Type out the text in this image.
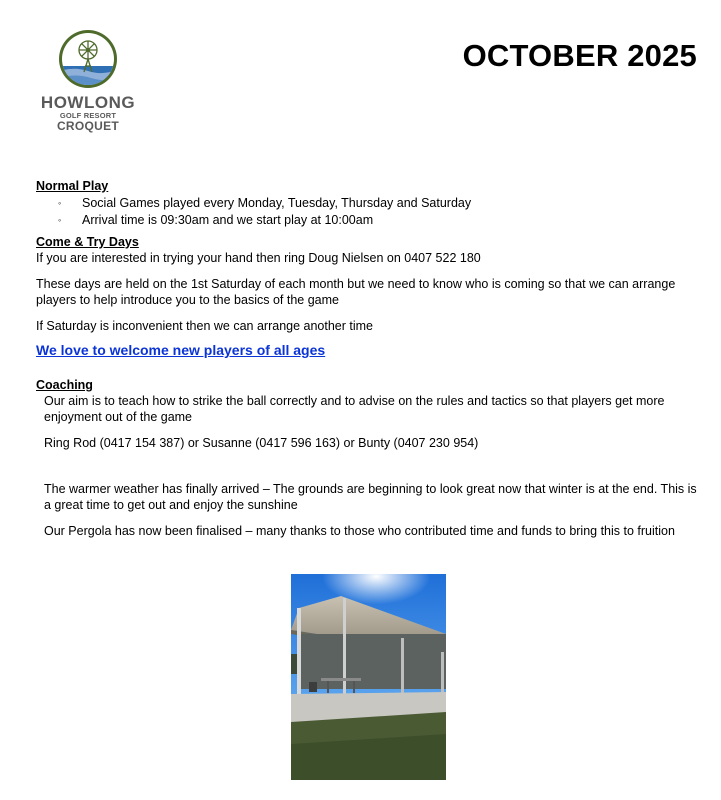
HOWLONG
GOLF RESORT
CROQUET
OCTOBER 2025

Normal Play

◦ Social Games played every Monday, Tuesday, Thursday and Saturday
◦ Arrival time is 09:30am and we start play at 10:00am

Come & Try Days

If you are interested in trying your hand then ring Doug Nielsen on 0407 522 180

These days are held on the 1st Saturday of each month but we need to know who is coming so that we can arrange players to help introduce you to the basics of the game

If Saturday is inconvenient then we can arrange another time

We love to welcome new players of all ages

Coaching

Our aim is to teach how to strike the ball correctly and to advise on the rules and tactics so that players get more enjoyment out of the game

Ring Rod (0417 154 387) or Susanne (0417 596 163) or Bunty (0407 230 954)

The warmer weather has finally arrived – The grounds are beginning to look great now that winter is at the end. This is a great time to get out and enjoy the sunshine

Our Pergola has now been finalised – many thanks to those who contributed time and funds to bring this to fruition
